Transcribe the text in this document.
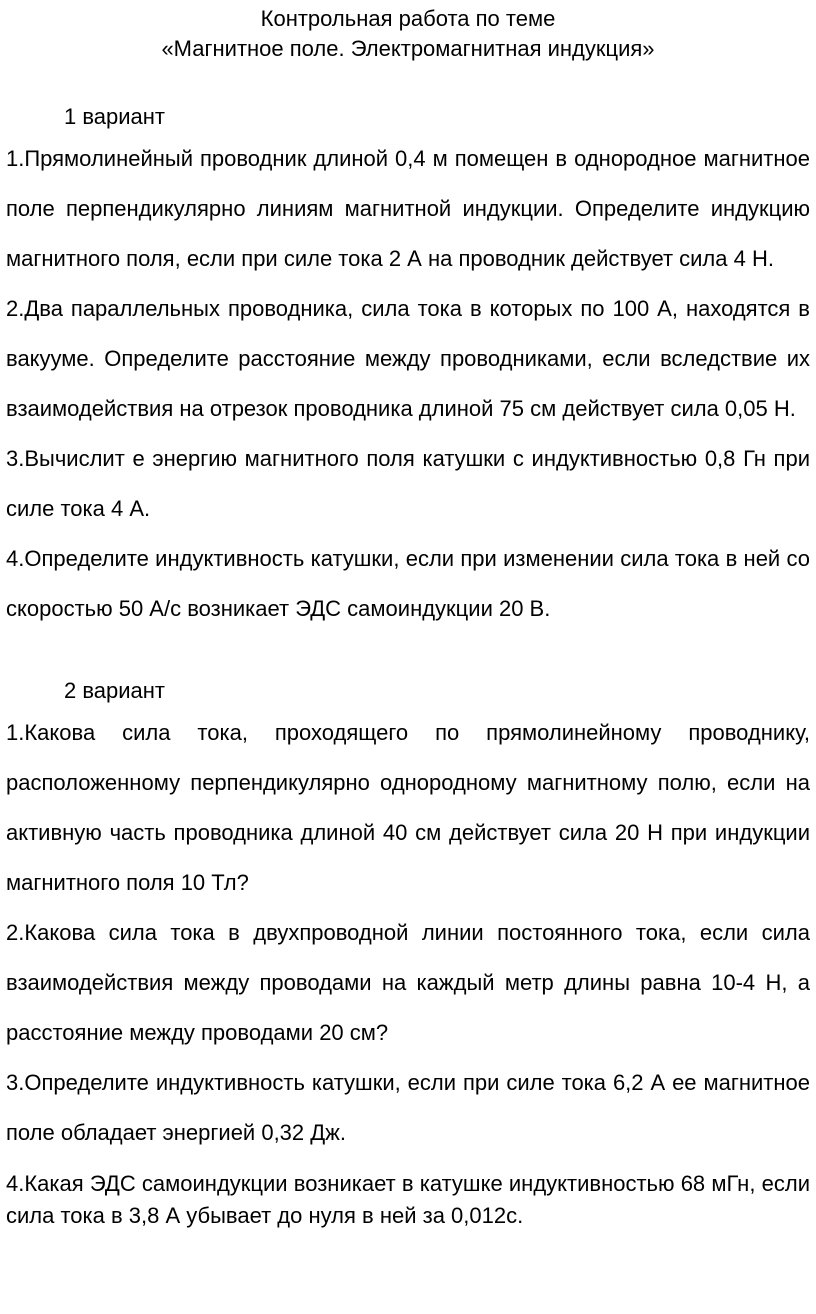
Контрольная работа по теме
«Магнитное поле. Электромагнитная индукция»
1 вариант

1.Прямолинейный проводник длиной 0,4 м помещен в однородное магнитное поле перпендикулярно линиям магнитной индукции. Определите индукцию магнитного поля, если при силе тока 2 А на проводник действует сила 4 Н.

2.Два параллельных проводника, сила тока в которых по 100 А, находятся в вакууме. Определите расстояние между проводниками, если вследствие их взаимодействия на отрезок проводника длиной 75 см действует сила 0,05 Н.

3.Вычислит е энергию магнитного поля катушки с индуктивностью 0,8 Гн при силе тока 4 А.

4.Определите индуктивность катушки, если при изменении сила тока в ней со скоростью 50 А/с возникает ЭДС самоиндукции 20 В.

2 вариант

1.Какова сила тока, проходящего по прямолинейному проводнику, расположенному перпендикулярно однородному магнитному полю, если на активную часть проводника длиной 40 см действует сила 20 Н при индукции магнитного поля 10 Тл?

2.Какова сила тока в двухпроводной линии постоянного тока, если сила взаимодействия между проводами на каждый метр длины равна 10-4 Н, а расстояние между проводами 20 см?

3.Определите индуктивность катушки, если при силе тока 6,2 А ее магнитное поле обладает энергией 0,32 Дж.

4.Какая ЭДС самоиндукции возникает в катушке индуктивностью 68 мГн, если сила тока в 3,8 А убывает до нуля в ней за 0,012с.
